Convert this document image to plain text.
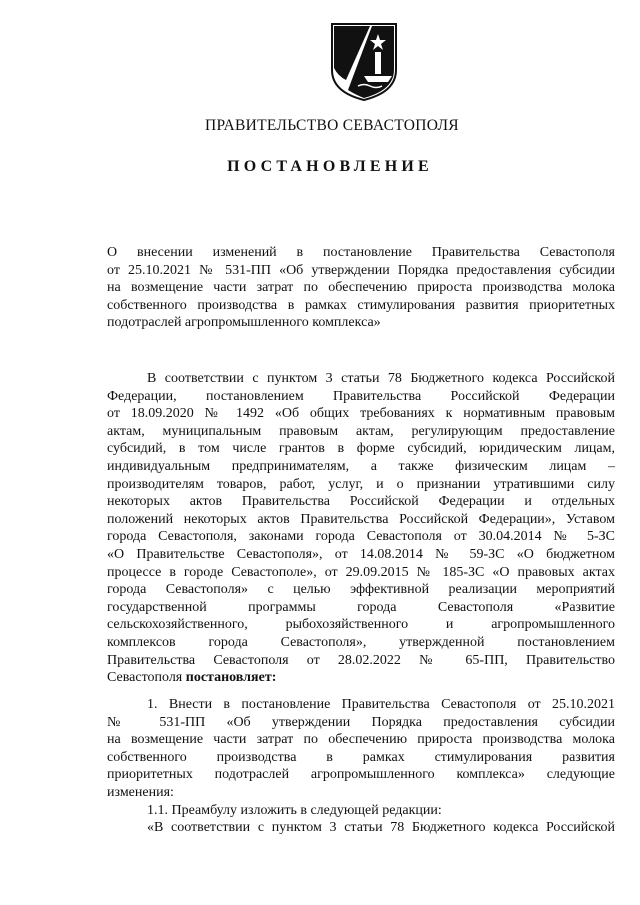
ПРАВИТЕЛЬСТВО СЕВАСТОПОЛЯ
ПОСТАНОВЛЕНИЕ
О внесении изменений в постановление Правительства Севастополя
от 25.10.2021 № 531-ПП «Об утверждении Порядка предоставления субсидии
на возмещение части затрат по обеспечению прироста производства молока
собственного производства в рамках стимулирования развития приоритетных
подотраслей агропромышленного комплекса»
В соответствии с пунктом 3 статьи 78 Бюджетного кодекса Российской
Федерации, постановлением Правительства Российской Федерации
от 18.09.2020 № 1492 «Об общих требованиях к нормативным правовым
актам, муниципальным правовым актам, регулирующим предоставление
субсидий, в том числе грантов в форме субсидий, юридическим лицам,
индивидуальным предпринимателям, а также физическим лицам –
производителям товаров, работ, услуг, и о признании утратившими силу
некоторых актов Правительства Российской Федерации и отдельных
положений некоторых актов Правительства Российской Федерации», Уставом
города Севастополя, законами города Севастополя от 30.04.2014 № 5-ЗС
«О Правительстве Севастополя», от 14.08.2014 № 59-ЗС «О бюджетном
процессе в городе Севастополе», от 29.09.2015 № 185-ЗС «О правовых актах
города Севастополя» с целью эффективной реализации мероприятий
государственной программы города Севастополя «Развитие
сельскохозяйственного, рыбохозяйственного и агропромышленного
комплексов города Севастополя», утвержденной постановлением
Правительства Севастополя от 28.02.2022 № 65-ПП, Правительство
Севастополя постановляет:
1. Внести в постановление Правительства Севастополя от 25.10.2021
№ 531-ПП «Об утверждении Порядка предоставления субсидии
на возмещение части затрат по обеспечению прироста производства молока
собственного производства в рамках стимулирования развития
приоритетных подотраслей агропромышленного комплекса» следующие
изменения:
1.1. Преамбулу изложить в следующей редакции:
«В соответствии с пунктом 3 статьи 78 Бюджетного кодекса Российской
